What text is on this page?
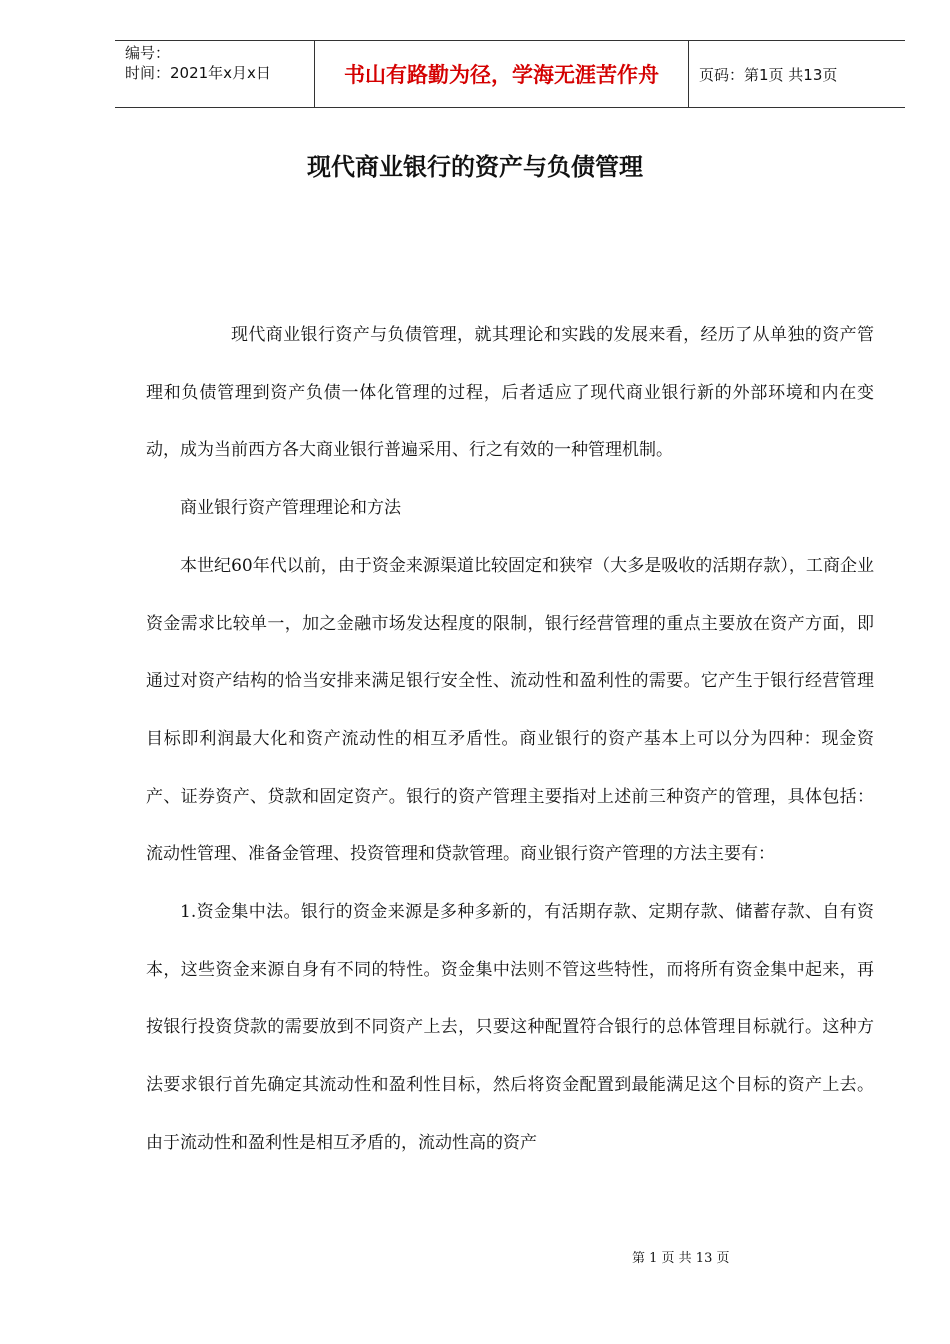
编号：
时间：2021年x月x日	书山有路勤为径，学海无涯苦作舟	页码：第1页 共13页
现代商业银行的资产与负债管理

现代商业银行资产与负债管理，就其理论和实践的发展来看，经历了从单独的资产管理和负债管理到资产负债一体化管理的过程，后者适应了现代商业银行新的外部环境和内在变动，成为当前西方各大商业银行普遍采用、行之有效的一种管理机制。

商业银行资产管理理论和方法

本世纪60年代以前，由于资金来源渠道比较固定和狭窄（大多是吸收的活期存款），工商企业资金需求比较单一，加之金融市场发达程度的限制，银行经营管理的重点主要放在资产方面，即通过对资产结构的恰当安排来满足银行安全性、流动性和盈利性的需要。它产生于银行经营管理目标即利润最大化和资产流动性的相互矛盾性。商业银行的资产基本上可以分为四种：现金资产、证券资产、贷款和固定资产。银行的资产管理主要指对上述前三种资产的管理，具体包括：流动性管理、准备金管理、投资管理和贷款管理。商业银行资产管理的方法主要有：

1.资金集中法。银行的资金来源是多种多新的，有活期存款、定期存款、储蓄存款、自有资本，这些资金来源自身有不同的特性。资金集中法则不管这些特性，而将所有资金集中起来，再按银行投资贷款的需要放到不同资产上去，只要这种配置符合银行的总体管理目标就行。这种方法要求银行首先确定其流动性和盈利性目标，然后将资金配置到最能满足这个目标的资产上去。由于流动性和盈利性是相互矛盾的，流动性高的资产

第 1 页 共 13 页
